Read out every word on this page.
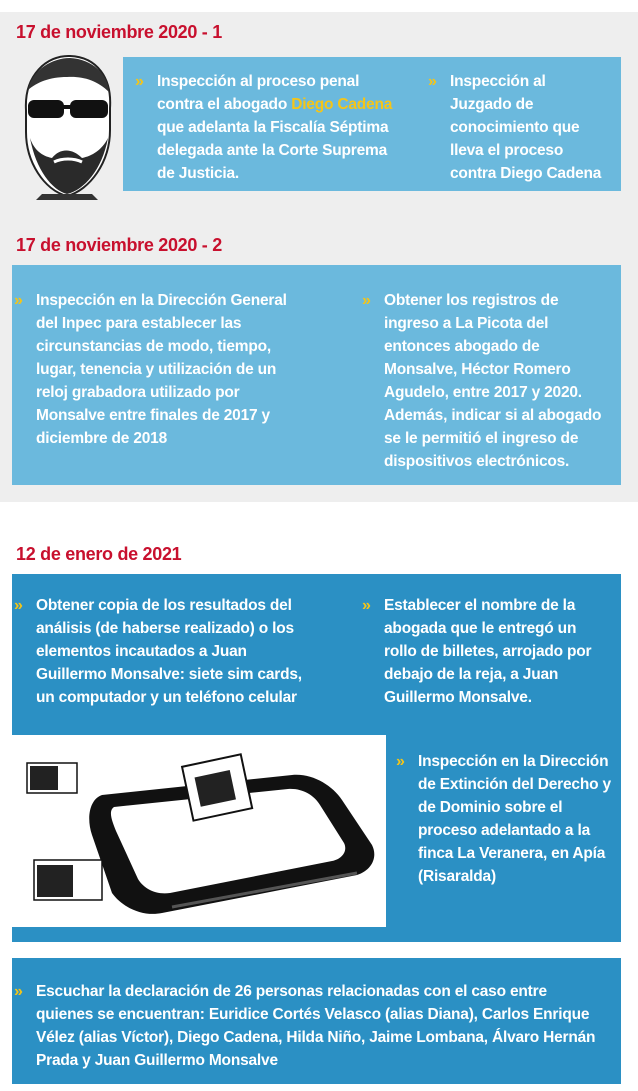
17 de noviembre 2020 - 1
» Inspección al proceso penal contra el abogado Diego Cadena que adelanta la Fiscalía Séptima delegada ante la Corte Suprema de Justicia.
» Inspección al Juzgado de conocimiento que lleva el proceso contra Diego Cadena
17 de noviembre 2020 - 2
» Inspección en la Dirección General del Inpec para establecer las circunstancias de modo, tiempo, lugar, tenencia y utilización de un reloj grabadora utilizado por Monsalve entre finales de 2017 y diciembre de 2018
» Obtener los registros de ingreso a La Picota del entonces abogado de Monsalve, Héctor Romero Agudelo, entre 2017 y 2020. Además, indicar si al abogado se le permitió el ingreso de dispositivos electrónicos.
12 de enero de 2021
» Obtener copia de los resultados del análisis (de haberse realizado) o los elementos incautados a Juan Guillermo Monsalve: siete sim cards, un computador y un teléfono celular
» Establecer el nombre de la abogada que le entregó un rollo de billetes, arrojado por debajo de la reja, a Juan Guillermo Monsalve.
» Inspección en la Dirección de Extinción del Derecho y de Dominio sobre el proceso adelantado a la finca La Veranera, en Apía (Risaralda)
» Escuchar la declaración de 26 personas relacionadas con el caso entre quienes se encuentran: Euridice Cortés Velasco (alias Diana), Carlos Enrique Vélez (alias Víctor), Diego Cadena, Hilda Niño, Jaime Lombana, Álvaro Hernán Prada y Juan Guillermo Monsalve
